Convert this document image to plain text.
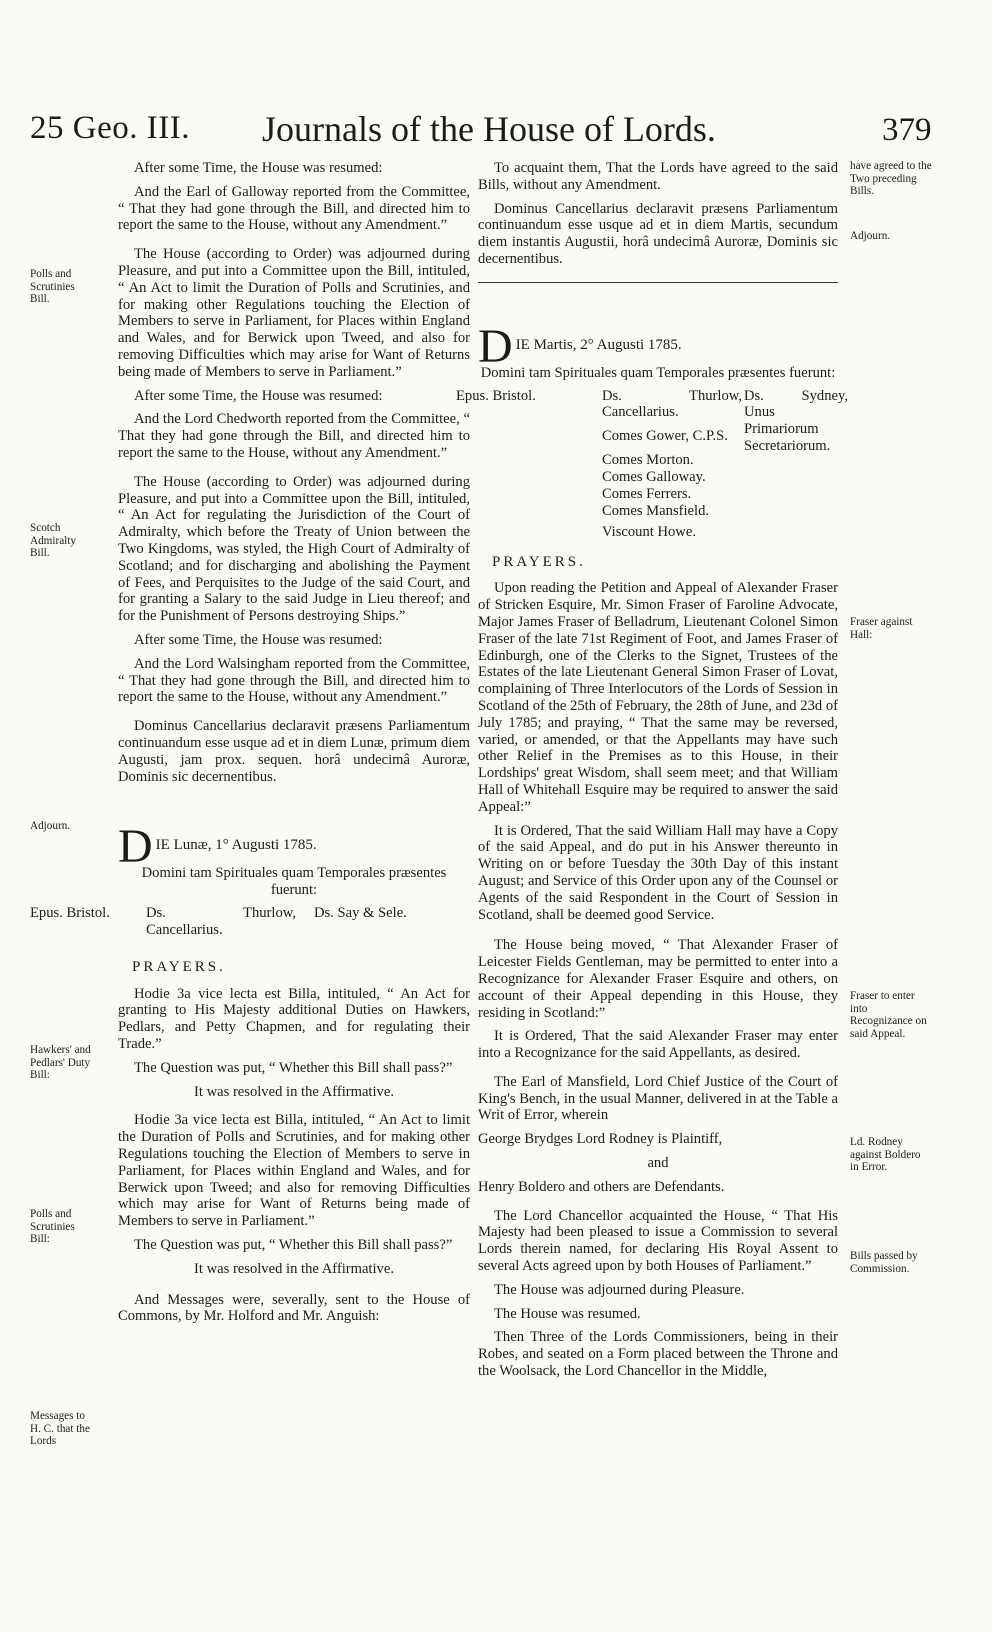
25 Geo. III. Journals of the House of Lords.	379
Polls and Scrutinies Bill.
Scotch Admiralty Bill.
Adjourn.
Hawkers' and Pedlars' Duty Bill:
Polls and Scrutinies Bill:
Messages to H. C. that the Lords
have agreed to the Two preceding Bills.
Adjourn.
Fraser against Hall:
Fraser to enter into Recognizance on said Appeal.
Ld. Rodney against Boldero in Error.
Bills passed by Commission.

After some Time, the House was resumed:

And the Earl of Galloway reported from the Committee, “ That they had gone through the Bill, and directed him to report the same to the House, without any Amendment.”

The House (according to Order) was adjourned during Pleasure, and put into a Committee upon the Bill, intituled, “ An Act to limit the Duration of Polls and Scrutinies, and for making other Regulations touching the Election of Members to serve in Parliament, for Places within England and Wales, and for Berwick upon Tweed, and also for removing Difficulties which may arise for Want of Returns being made of Members to serve in Parliament.”

After some Time, the House was resumed:

And the Lord Chedworth reported from the Committee, “ That they had gone through the Bill, and directed him to report the same to the House, without any Amendment.”

The House (according to Order) was adjourned during Pleasure, and put into a Committee upon the Bill, intituled, “ An Act for regulating the Jurisdiction of the Court of Admiralty, which before the Treaty of Union between the Two Kingdoms, was styled, the High Court of Admiralty of Scotland; and for discharging and abolishing the Payment of Fees, and Perquisites to the Judge of the said Court, and for granting a Salary to the said Judge in Lieu thereof; and for the Punishment of Persons destroying Ships.”

After some Time, the House was resumed:

And the Lord Walsingham reported from the Committee, “ That they had gone through the Bill, and directed him to report the same to the House, without any Amendment.”

Dominus Cancellarius declaravit præsens Parliamentum continuandum esse usque ad et in diem Lunæ, primum diem Augusti, jam prox. sequen. horâ undecimâ Auroræ, Dominis sic decernentibus.

D IE Lunæ, 1° Augusti 1785.
Domini tam Spirituales quam Temporales præsentes fuerunt:
Epus. Bristol. Ds. Thurlow, Cancellarius.
Ds. Say & Sele.
PRAYERS.

Hodie 3a vice lecta est Billa, intituled, “ An Act for granting to His Majesty additional Duties on Hawkers, Pedlars, and Petty Chapmen, and for regulating their Trade.”

The Question was put, “ Whether this Bill shall pass?”

It was resolved in the Affirmative.

Hodie 3a vice lecta est Billa, intituled, “ An Act to limit the Duration of Polls and Scrutinies, and for making other Regulations touching the Election of Members to serve in Parliament, for Places within England and Wales, and for Berwick upon Tweed; and also for removing Difficulties which may arise for Want of Returns being made of Members to serve in Parliament.”

The Question was put, “ Whether this Bill shall pass?”

It was resolved in the Affirmative.

And Messages were, severally, sent to the House of Commons, by Mr. Holford and Mr. Anguish:

To acquaint them, That the Lords have agreed to the said Bills, without any Amendment.

Dominus Cancellarius declaravit præsens Parliamentum continuandum esse usque ad et in diem Martis, secundum diem instantis Augustii, horâ undecimâ Auroræ, Dominis sic decernentibus.

D IE Martis, 2° Augusti 1785.
Domini tam Spirituales quam Temporales præsentes fuerunt:
Epus. Bristol.	Ds. Thurlow, Cancellarius.
Ds. Sydney, Unus Primariorum Secretariorum.
Comes Gower, C.P.S.
Comes Morton.
Comes Galloway.
Comes Ferrers.
Comes Mansfield.
Viscount Howe.
PRAYERS.

Upon reading the Petition and Appeal of Alexander Fraser of Stricken Esquire, Mr. Simon Fraser of Faroline Advocate, Major James Fraser of Belladrum, Lieutenant Colonel Simon Fraser of the late 71st Regiment of Foot, and James Fraser of Edinburgh, one of the Clerks to the Signet, Trustees of the Estates of the late Lieutenant General Simon Fraser of Lovat, complaining of Three Interlocutors of the Lords of Session in Scotland of the 25th of February, the 28th of June, and 23d of July 1785; and praying, “ That the same may be reversed, varied, or amended, or that the Appellants may have such other Relief in the Premises as to this House, in their Lordships' great Wisdom, shall seem meet; and that William Hall of Whitehall Esquire may be required to answer the said Appeal:”

It is Ordered, That the said William Hall may have a Copy of the said Appeal, and do put in his Answer thereunto in Writing on or before Tuesday the 30th Day of this instant August; and Service of this Order upon any of the Counsel or Agents of the said Respondent in the Court of Session in Scotland, shall be deemed good Service.

The House being moved, “ That Alexander Fraser of Leicester Fields Gentleman, may be permitted to enter into a Recognizance for Alexander Fraser Esquire and others, on account of their Appeal depending in this House, they residing in Scotland:”

It is Ordered, That the said Alexander Fraser may enter into a Recognizance for the said Appellants, as desired.

The Earl of Mansfield, Lord Chief Justice of the Court of King's Bench, in the usual Manner, delivered in at the Table a Writ of Error, wherein

George Brydges Lord Rodney is Plaintiff,

and

Henry Boldero and others are Defendants.

The Lord Chancellor acquainted the House, “ That His Majesty had been pleased to issue a Commission to several Lords therein named, for declaring His Royal Assent to several Acts agreed upon by both Houses of Parliament.”

The House was adjourned during Pleasure.

The House was resumed.

Then Three of the Lords Commissioners, being in their Robes, and seated on a Form placed between the Throne and the Woolsack, the Lord Chancellor in the Middle,
